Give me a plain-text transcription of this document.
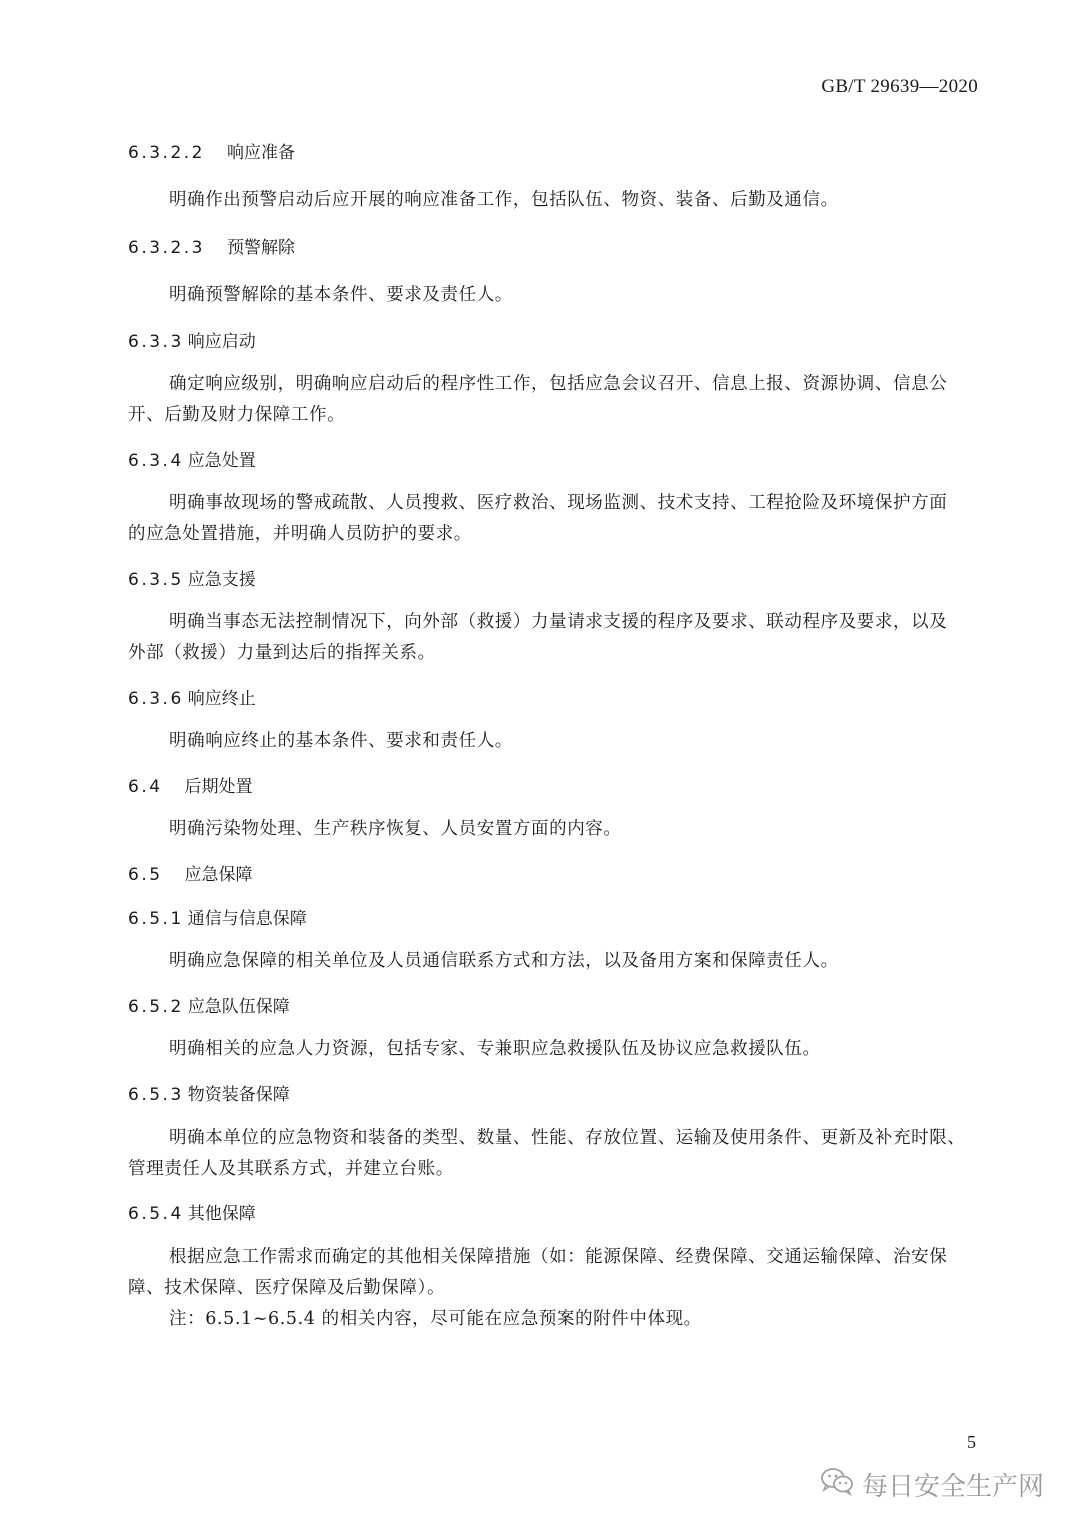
GB/T 29639—2020
6.3.2.2 响应准备
明确作出预警启动后应开展的响应准备工作，包括队伍、物资、装备、后勤及通信。
6.3.2.3 预警解除
明确预警解除的基本条件、要求及责任人。
6.3.3 响应启动
确定响应级别，明确响应启动后的程序性工作，包括应急会议召开、信息上报、资源协调、信息公
开、后勤及财力保障工作。
6.3.4 应急处置
明确事故现场的警戒疏散、人员搜救、医疗救治、现场监测、技术支持、工程抢险及环境保护方面
的应急处置措施，并明确人员防护的要求。
6.3.5 应急支援
明确当事态无法控制情况下，向外部（救援）力量请求支援的程序及要求、联动程序及要求，以及
外部（救援）力量到达后的指挥关系。
6.3.6 响应终止
明确响应终止的基本条件、要求和责任人。
6.4 后期处置
明确污染物处理、生产秩序恢复、人员安置方面的内容。
6.5 应急保障
6.5.1 通信与信息保障
明确应急保障的相关单位及人员通信联系方式和方法，以及备用方案和保障责任人。
6.5.2 应急队伍保障
明确相关的应急人力资源，包括专家、专兼职应急救援队伍及协议应急救援队伍。
6.5.3 物资装备保障
明确本单位的应急物资和装备的类型、数量、性能、存放位置、运输及使用条件、更新及补充时限、
管理责任人及其联系方式，并建立台账。
6.5.4 其他保障
根据应急工作需求而确定的其他相关保障措施（如：能源保障、经费保障、交通运输保障、治安保
障、技术保障、医疗保障及后勤保障）。
注：6.5.1~6.5.4 的相关内容，尽可能在应急预案的附件中体现。
5
每日安全生产网
